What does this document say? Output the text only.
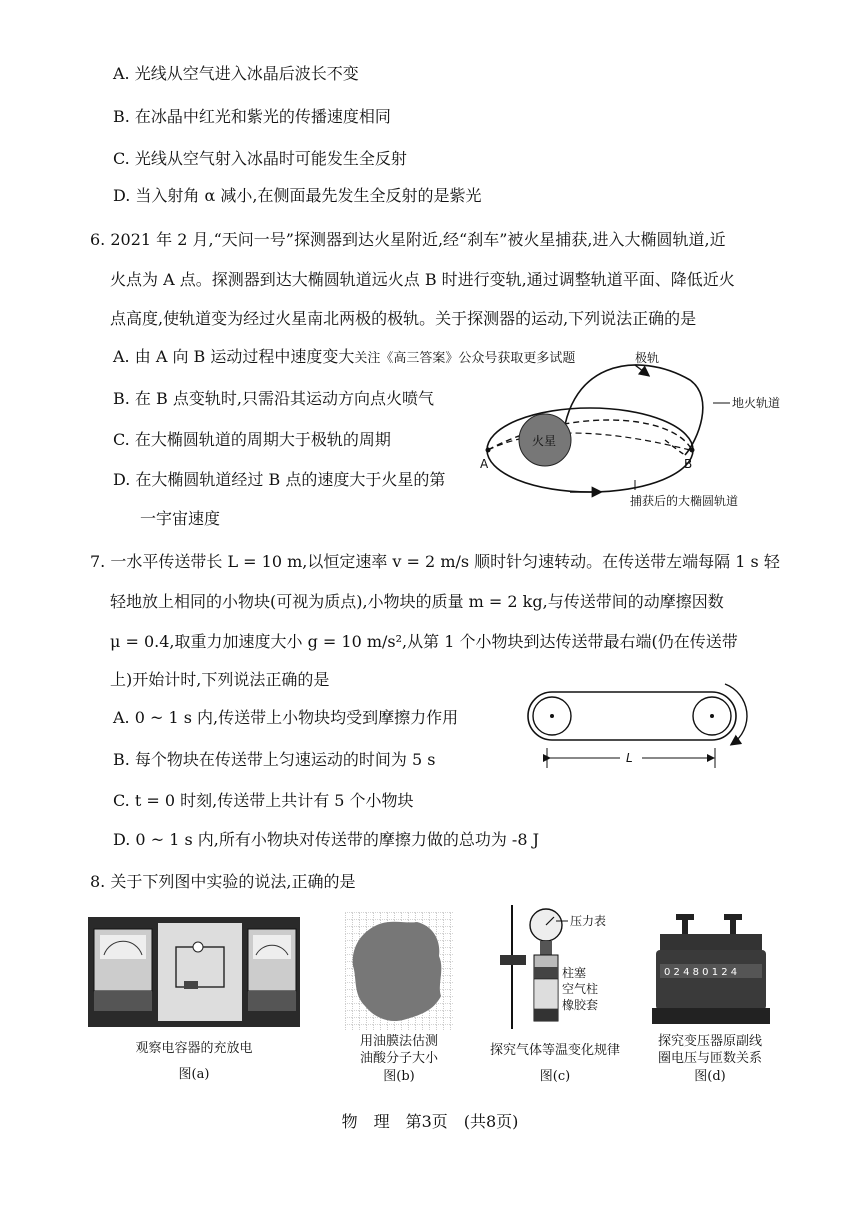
A. 光线从空气进入冰晶后波长不变
B. 在冰晶中红光和紫光的传播速度相同
C. 光线从空气射入冰晶时可能发生全反射
D. 当入射角 α 减小,在侧面最先发生全反射的是紫光
6. 2021 年 2 月,“天问一号”探测器到达火星附近,经“刹车”被火星捕获,进入大椭圆轨道,近
火点为 A 点。探测器到达大椭圆轨道远火点 B 时进行变轨,通过调整轨道平面、降低近火
点高度,使轨道变为经过火星南北两极的极轨。关于探测器的运动,下列说法正确的是
A. 由 A 向 B 运动过程中速度变大关注《高三答案》公众号获取更多试题
B. 在 B 点变轨时,只需沿其运动方向点火喷气
C. 在大椭圆轨道的周期大于极轨的周期
D. 在大椭圆轨道经过 B 点的速度大于火星的第
一宇宙速度
火星
A	B
极轨
地火轨道
捕获后的大椭圆轨道
7. 一水平传送带长 L = 10 m,以恒定速率 v = 2 m/s 顺时针匀速转动。在传送带左端每隔 1 s 轻
轻地放上相同的小物块(可视为质点),小物块的质量 m = 2 kg,与传送带间的动摩擦因数
μ = 0.4,取重力加速度大小 g = 10 m/s²,从第 1 个小物块到达传送带最右端(仍在传送带
上)开始计时,下列说法正确的是
A. 0 ~ 1 s 内,传送带上小物块均受到摩擦力作用
B. 每个物块在传送带上匀速运动的时间为 5 s
C. t = 0 时刻,传送带上共计有 5 个小物块
D. 0 ~ 1 s 内,所有小物块对传送带的摩擦力做的总功为 -8 J
L
8. 关于下列图中实验的说法,正确的是
观察电容器的充放电
图(a)
用油膜法估测
油酸分子大小
图(b)
压力表
柱塞
空气柱
橡胶套
探究气体等温变化规律
图(c)
0 2 4 8 0 1 2 4
探究变压器原副线
圈电压与匝数关系
图(d)
物　理　第3页　(共8页)
